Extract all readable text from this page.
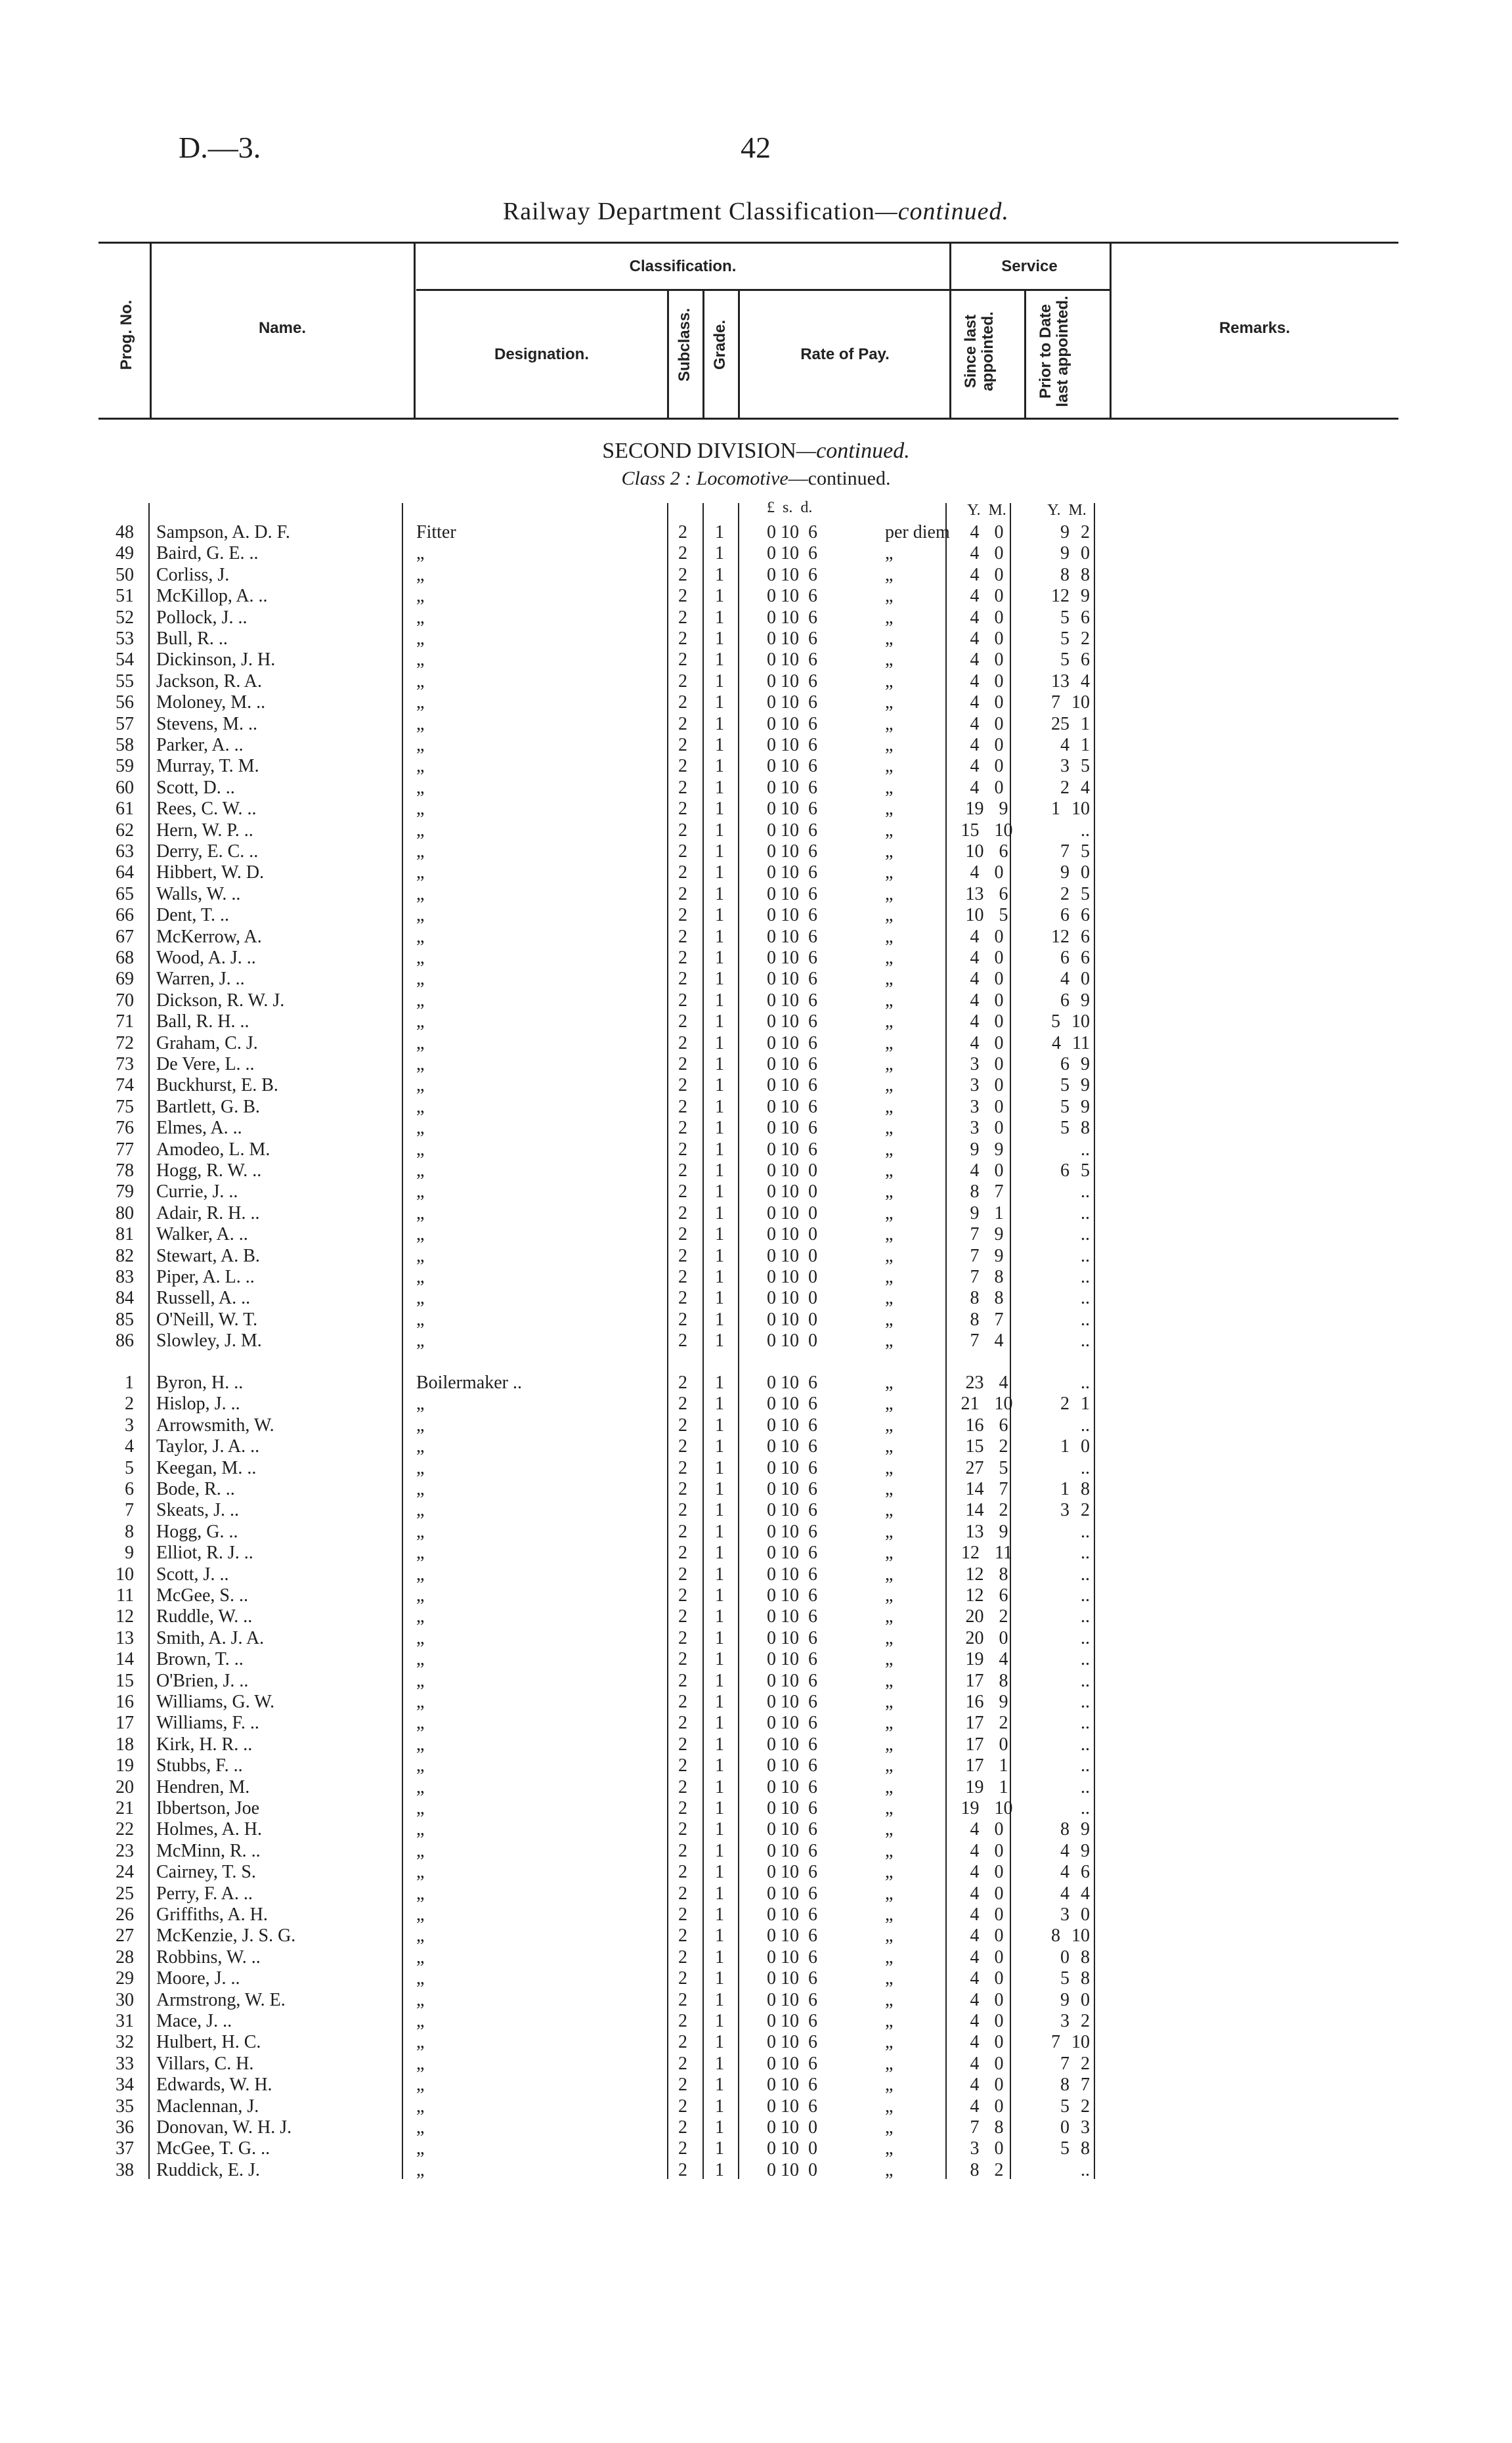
D.—3.	42
Railway Department Classification—continued.
Prog. No.	Name.
Classification.	Service
Designation.	Subclass. Grade.	Rate of Pay.	Since last appointed.	Prior to Date last appointed.	Remarks.
SECOND DIVISION—continued.
Class 2 : Locomotive—continued.
£  s.  d.	Y.  M.	Y.  M.
48 Sampson, A. D. F.	Fitter	2	1	0 10  6	per diem	4 0	9 2
49 Baird, G. E. ..	„	2	1	0 10  6	„	4 0	9 0
50 Corliss, J.	„	2	1	0 10  6	„	4 0	8 8
51 McKillop, A. ..	„	2	1	0 10  6	„	4 0	12 9
52 Pollock, J. ..	„	2	1	0 10  6	„	4 0	5 6
53 Bull, R. ..	„	2	1	0 10  6	„	4 0	5 2
54 Dickinson, J. H.	„	2	1	0 10  6	„	4 0	5 6
55 Jackson, R. A.	„	2	1	0 10  6	„	4 0	13 4
56 Moloney, M. ..	„	2	1	0 10  6	„	4 0	7 10
57 Stevens, M. ..	„	2	1	0 10  6	„	4 0	25 1
58 Parker, A. ..	„	2	1	0 10  6	„	4 0	4 1
59 Murray, T. M.	„	2	1	0 10  6	„	4 0	3 5
60 Scott, D. ..	„	2	1	0 10  6	„	4 0	2 4
61 Rees, C. W. ..	„	2	1	0 10  6	„	19 9	1 10
62 Hern, W. P. ..	„	2	1	0 10  6	„	15 10	..
63 Derry, E. C. ..	„	2	1	0 10  6	„	10 6	7 5
64 Hibbert, W. D.	„	2	1	0 10  6	„	4 0	9 0
65 Walls, W. ..	„	2	1	0 10  6	„	13 6	2 5
66 Dent, T. ..	„	2	1	0 10  6	„	10 5	6 6
67 McKerrow, A.	„	2	1	0 10  6	„	4 0	12 6
68 Wood, A. J. ..	„	2	1	0 10  6	„	4 0	6 6
69 Warren, J. ..	„	2	1	0 10  6	„	4 0	4 0
70 Dickson, R. W. J.	„	2	1	0 10  6	„	4 0	6 9
71 Ball, R. H. ..	„	2	1	0 10  6	„	4 0	5 10
72 Graham, C. J.	„	2	1	0 10  6	„	4 0	4 11
73 De Vere, L. ..	„	2	1	0 10  6	„	3 0	6 9
74 Buckhurst, E. B.	„	2	1	0 10  6	„	3 0	5 9
75 Bartlett, G. B.	„	2	1	0 10  6	„	3 0	5 9
76 Elmes, A. ..	„	2	1	0 10  6	„	3 0	5 8
77 Amodeo, L. M.	„	2	1	0 10  6	„	9 9	..
78 Hogg, R. W. ..	„	2	1	0 10  0	„	4 0	6 5
79 Currie, J. ..	„	2	1	0 10  0	„	8 7	..
80 Adair, R. H. ..	„	2	1	0 10  0	„	9 1	..
81 Walker, A. ..	„	2	1	0 10  0	„	7 9	..
82 Stewart, A. B.	„	2	1	0 10  0	„	7 9	..
83 Piper, A. L. ..	„	2	1	0 10  0	„	7 8	..
84 Russell, A. ..	„	2	1	0 10  0	„	8 8	..
85 O'Neill, W. T.	„	2	1	0 10  0	„	8 7	..
86 Slowley, J. M.	„	2	1	0 10  0	„	7 4	..
1 Byron, H. ..	Boilermaker ..	2	1	0 10  6	„	23 4	..
2 Hislop, J. ..	„	2	1	0 10  6	„	21 10	2 1
3 Arrowsmith, W.	„	2	1	0 10  6	„	16 6	..
4 Taylor, J. A. ..	„	2	1	0 10  6	„	15 2	1 0
5 Keegan, M. ..	„	2	1	0 10  6	„	27 5	..
6 Bode, R. ..	„	2	1	0 10  6	„	14 7	1 8
7 Skeats, J. ..	„	2	1	0 10  6	„	14 2	3 2
8 Hogg, G. ..	„	2	1	0 10  6	„	13 9	..
9 Elliot, R. J. ..	„	2	1	0 10  6	„	12 11	..
10 Scott, J. ..	„	2	1	0 10  6	„	12 8	..
11 McGee, S. ..	„	2	1	0 10  6	„	12 6	..
12 Ruddle, W. ..	„	2	1	0 10  6	„	20 2	..
13 Smith, A. J. A.	„	2	1	0 10  6	„	20 0	..
14 Brown, T. ..	„	2	1	0 10  6	„	19 4	..
15 O'Brien, J. ..	„	2	1	0 10  6	„	17 8	..
16 Williams, G. W.	„	2	1	0 10  6	„	16 9	..
17 Williams, F. ..	„	2	1	0 10  6	„	17 2	..
18 Kirk, H. R. ..	„	2	1	0 10  6	„	17 0	..
19 Stubbs, F. ..	„	2	1	0 10  6	„	17 1	..
20 Hendren, M.	„	2	1	0 10  6	„	19 1	..
21 Ibbertson, Joe	„	2	1	0 10  6	„	19 10	..
22 Holmes, A. H.	„	2	1	0 10  6	„	4 0	8 9
23 McMinn, R. ..	„	2	1	0 10  6	„	4 0	4 9
24 Cairney, T. S.	„	2	1	0 10  6	„	4 0	4 6
25 Perry, F. A. ..	„	2	1	0 10  6	„	4 0	4 4
26 Griffiths, A. H.	„	2	1	0 10  6	„	4 0	3 0
27 McKenzie, J. S. G.	„	2	1	0 10  6	„	4 0	8 10
28 Robbins, W. ..	„	2	1	0 10  6	„	4 0	0 8
29 Moore, J. ..	„	2	1	0 10  6	„	4 0	5 8
30 Armstrong, W. E.	„	2	1	0 10  6	„	4 0	9 0
31 Mace, J. ..	„	2	1	0 10  6	„	4 0	3 2
32 Hulbert, H. C.	„	2	1	0 10  6	„	4 0	7 10
33 Villars, C. H.	„	2	1	0 10  6	„	4 0	7 2
34 Edwards, W. H.	„	2	1	0 10  6	„	4 0	8 7
35 Maclennan, J.	„	2	1	0 10  6	„	4 0	5 2
36 Donovan, W. H. J.	„	2	1	0 10  0	„	7 8	0 3
37 McGee, T. G. ..	„	2	1	0 10  0	„	3 0	5 8
38 Ruddick, E. J.	„	2	1	0 10  0	„	8 2	..
